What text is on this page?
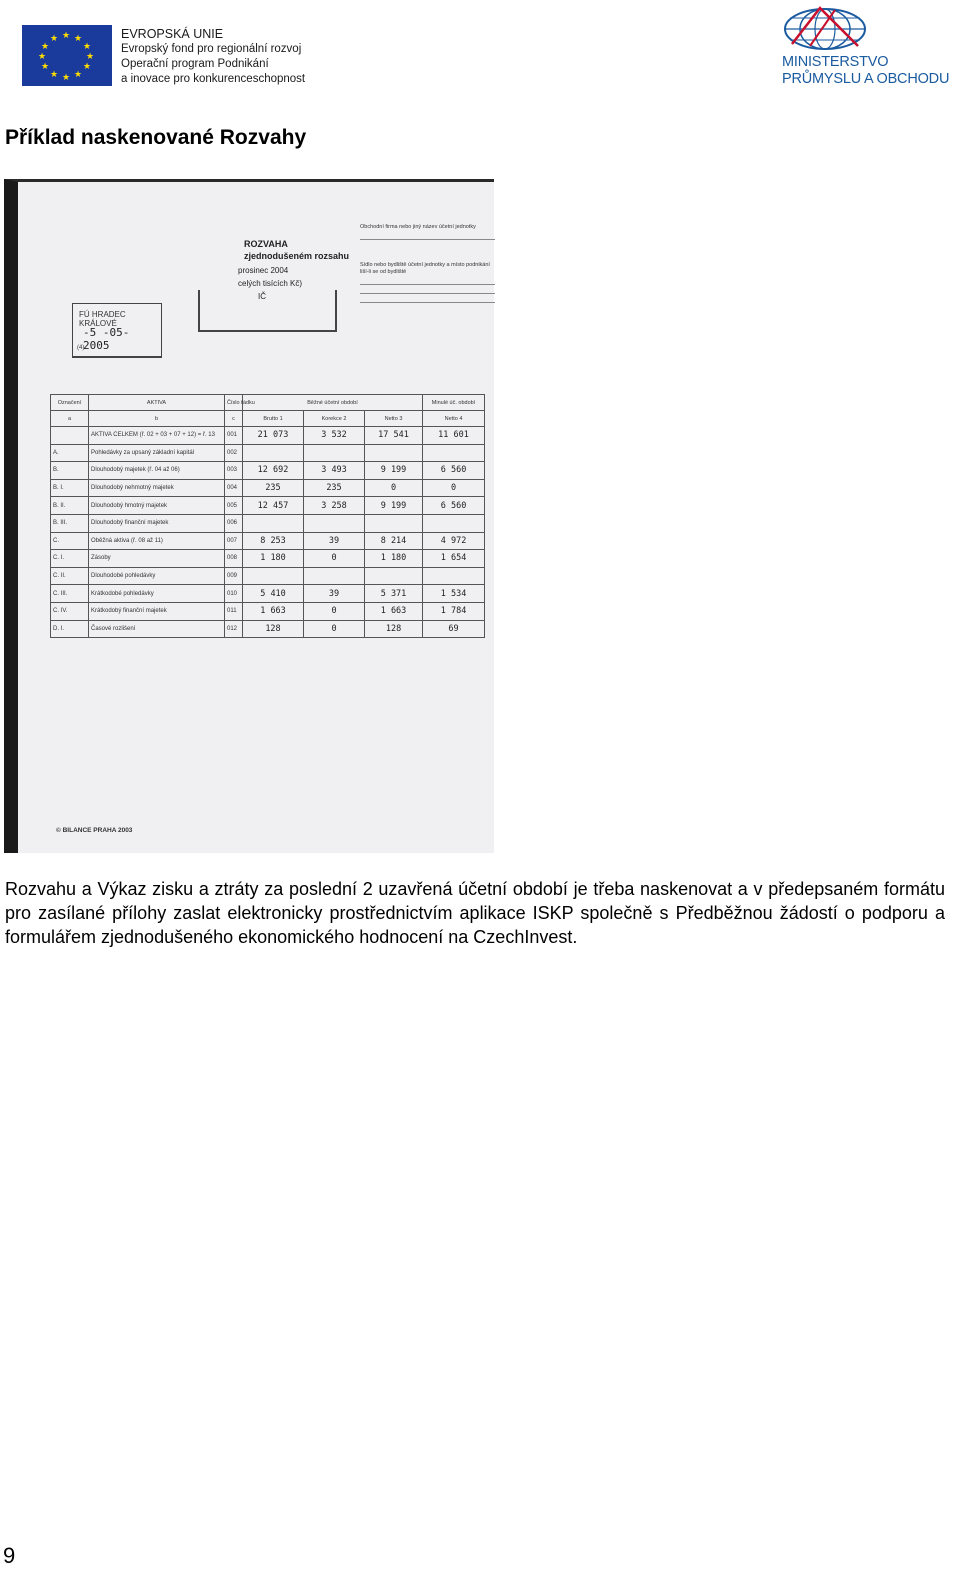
★ ★
★
★
★
★
★
★
★
★
★
★	EVROPSKÁ UNIE
Evropský fond pro regionální rozvoj
Operační program Podnikání
a inovace pro konkurenceschopnost
MINISTERSTVO
PRŮMYSLU A OBCHODU
Příklad naskenované Rozvahy
ROZVAHA
zjednodušeném rozsahu
prosinec 2004
celých tisících Kč)
IČ
Obchodní firma nebo jiný název účetní jednotky
Sídlo nebo bydliště účetní jednotky a místo podnikání liší-li se od bydliště
FÚ HRADEC KRÁLOVÉ
-5 -05- 2005
(4)
Označení	AKTIVA	Číslo řádku	Běžné účetní období			Minulé úč. období
a	b	c	Brutto 1	Korekce 2	Netto 3	Netto 4
	AKTIVA CELKEM (ř. 02 + 03 + 07 + 12) = ř. 13	001	21 073	3 532	17 541	11 601
A.	Pohledávky za upsaný základní kapitál	002				
B.	Dlouhodobý majetek (ř. 04 až 06)	003	12 692	3 493	9 199	6 560
B. I.	Dlouhodobý nehmotný majetek	004	235	235	0	0
B. II.	Dlouhodobý hmotný majetek	005	12 457	3 258	9 199	6 560
B. III.	Dlouhodobý finanční majetek	006				
C.	Oběžná aktiva (ř. 08 až 11)	007	8 253	39	8 214	4 972
C. I.	Zásoby	008	1 180	0	1 180	1 654
C. II.	Dlouhodobé pohledávky	009				
C. III.	Krátkodobé pohledávky	010	5 410	39	5 371	1 534
C. IV.	Krátkodobý finanční majetek	011	1 663	0	1 663	1 784
D. I.	Časové rozlišení	012	128	0	128	69
© BILANCE PRAHA 2003

Rozvahu a Výkaz zisku a ztráty za poslední 2 uzavřená účetní období je třeba naskenovat a v předepsaném formátu pro zasílané přílohy zaslat elektronicky prostřednictvím aplikace ISKP společně s Předběžnou žádostí o podporu a formulářem zjednodušeného ekonomického hodnocení na CzechInvest.

9
